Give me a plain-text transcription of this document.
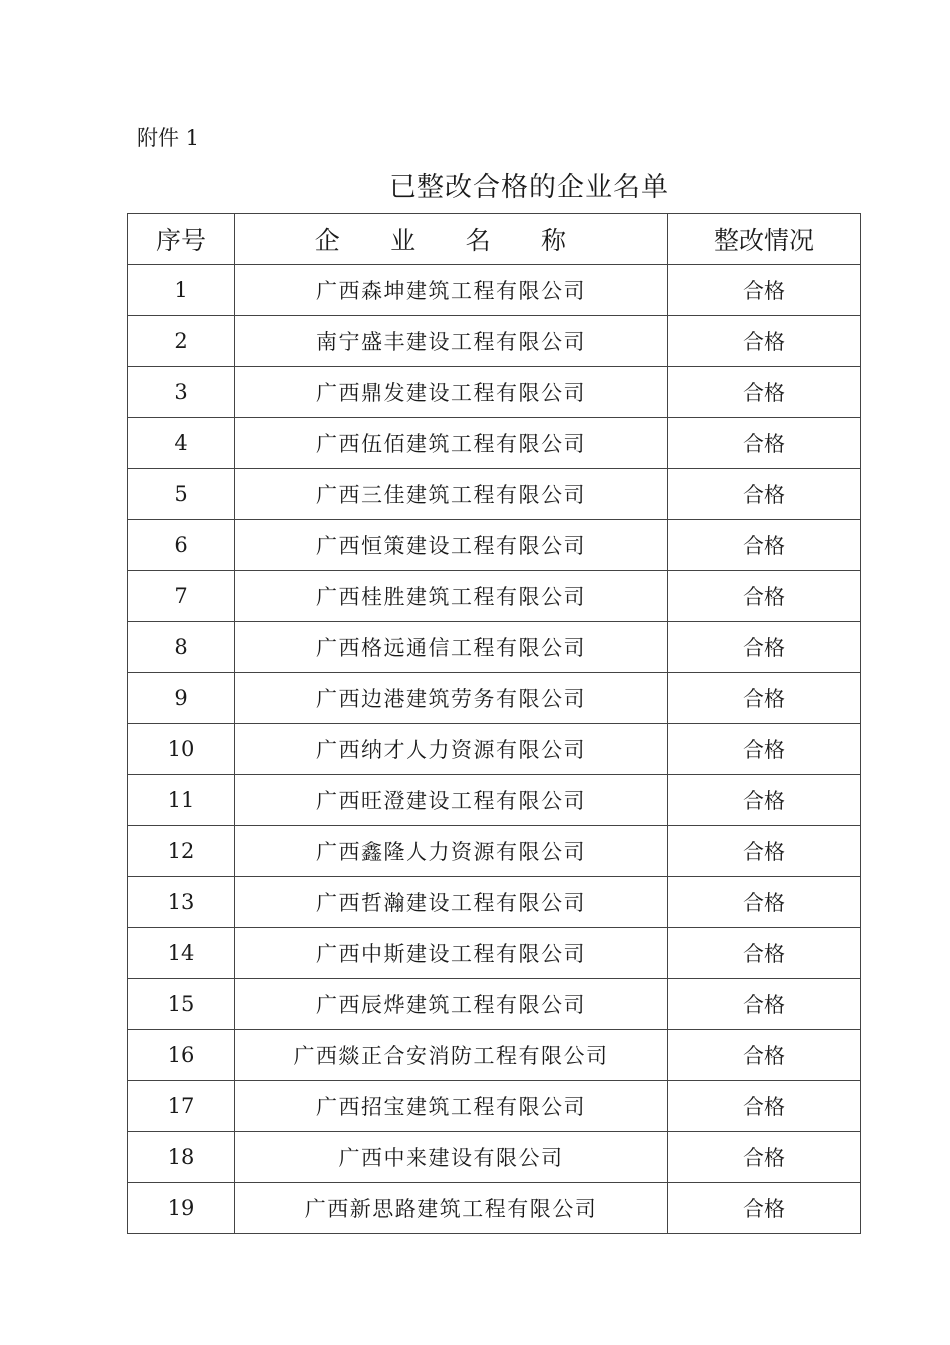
附件 1
已整改合格的企业名单
序号	企 业 名 称	整改情况
1	广西森坤建筑工程有限公司	合格
2	南宁盛丰建设工程有限公司	合格
3	广西鼎发建设工程有限公司	合格
4	广西伍佰建筑工程有限公司	合格
5	广西三佳建筑工程有限公司	合格
6	广西恒策建设工程有限公司	合格
7	广西桂胜建筑工程有限公司	合格
8	广西格远通信工程有限公司	合格
9	广西边港建筑劳务有限公司	合格
10	广西纳才人力资源有限公司	合格
11	广西旺澄建设工程有限公司	合格
12	广西鑫隆人力资源有限公司	合格
13	广西哲瀚建设工程有限公司	合格
14	广西中斯建设工程有限公司	合格
15	广西辰烨建筑工程有限公司	合格
16	广西燚正合安消防工程有限公司	合格
17	广西招宝建筑工程有限公司	合格
18	广西中来建设有限公司	合格
19	广西新思路建筑工程有限公司	合格
